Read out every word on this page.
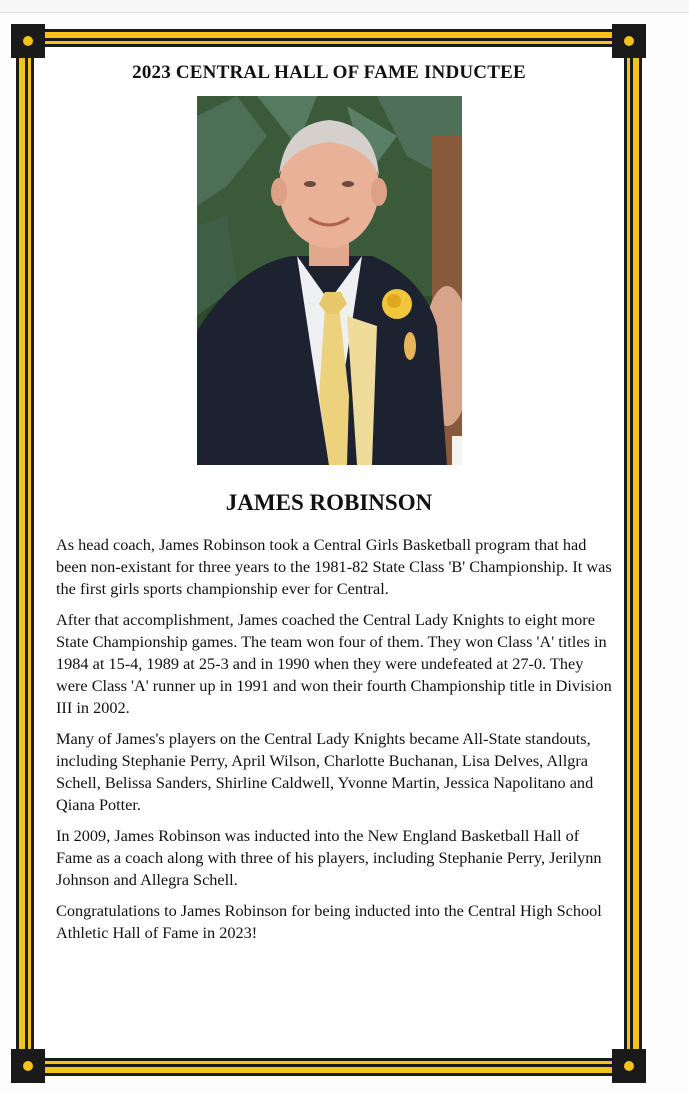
2023 CENTRAL HALL OF FAME INDUCTEE
JAMES ROBINSON

As head coach, James Robinson took a Central Girls Basketball program that had been non-existant for three years to the 1981-82 State Class 'B' Championship. It was the first girls sports championship ever for Central.

After that accomplishment, James coached the Central Lady Knights to eight more State Championship games. The team won four of them. They won Class 'A' titles in 1984 at 15-4, 1989 at 25-3 and in 1990 when they were undefeated at 27-0. They were Class 'A' runner up in 1991 and won their fourth Championship title in Division III in 2002.

Many of James's players on the Central Lady Knights became All-State standouts, including Stephanie Perry, April Wilson, Charlotte Buchanan, Lisa Delves, Allgra Schell, Belissa Sanders, Shirline Caldwell, Yvonne Martin, Jessica Napolitano and Qiana Potter.

In 2009, James Robinson was inducted into the New England Basketball Hall of Fame as a coach along with three of his players, including Stephanie Perry, Jerilynn Johnson and Allegra Schell.

Congratulations to James Robinson for being inducted into the Central High School Athletic Hall of Fame in 2023!
